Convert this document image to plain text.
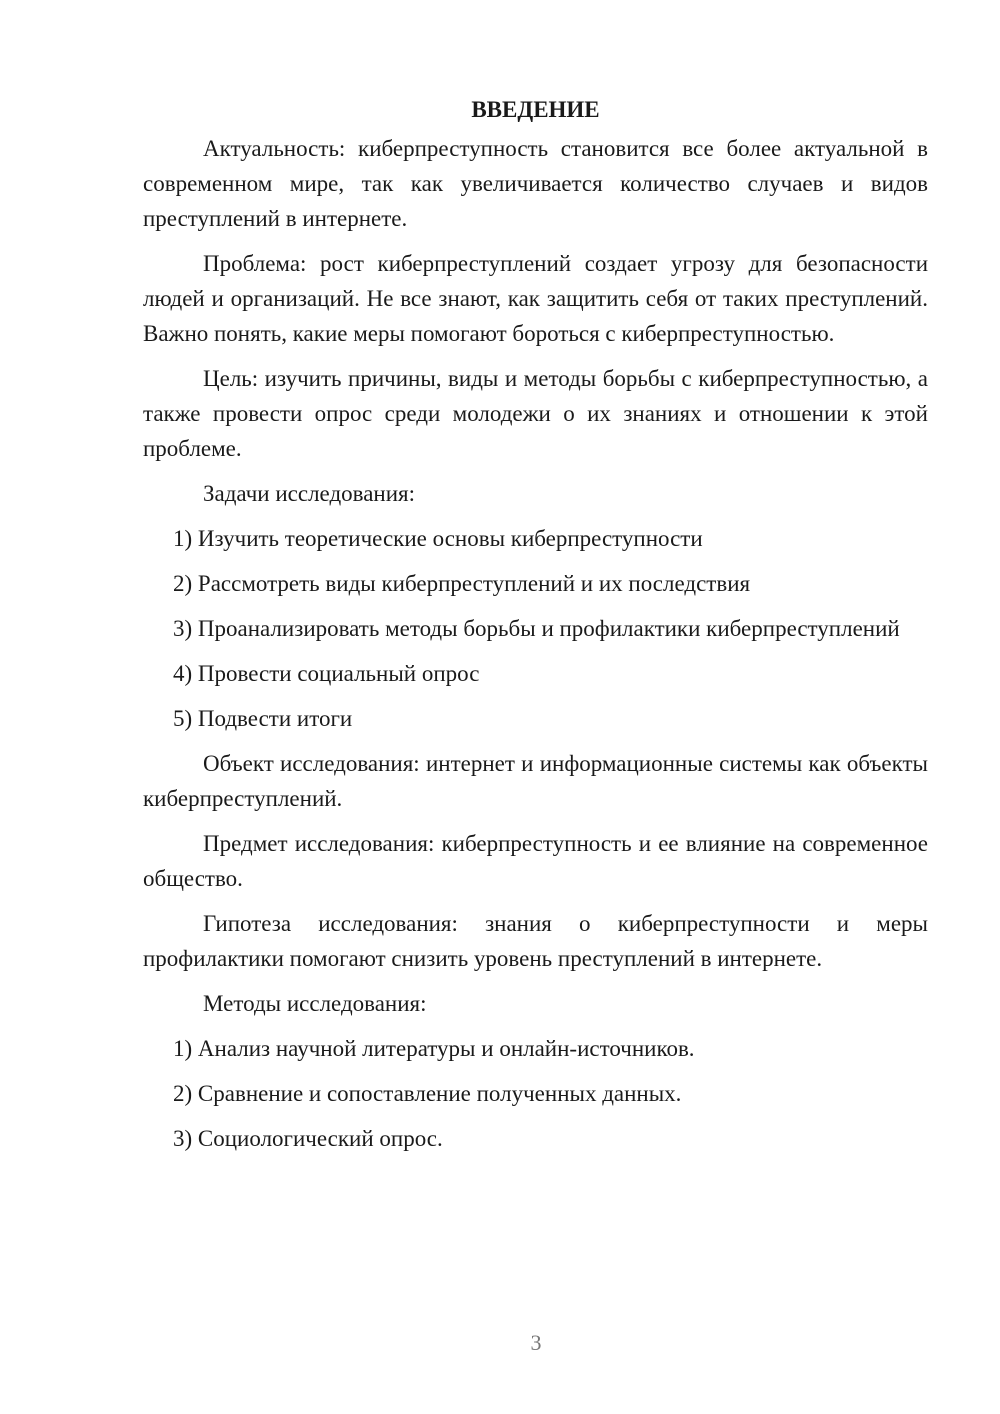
ВВЕДЕНИЕ

Актуальность: киберпреступность становится все более актуальной в современном мире, так как увеличивается количество случаев и видов преступлений в интернете.

Проблема: рост киберпреступлений создает угрозу для безопасности людей и организаций. Не все знают, как защитить себя от таких преступлений. Важно понять, какие меры помогают бороться с киберпреступностью.

Цель: изучить причины, виды и методы борьбы с киберпреступностью, а также провести опрос среди молодежи о их знаниях и отношении к этой проблеме.

Задачи исследования:

1) Изучить теоретические основы киберпреступности

2) Рассмотреть виды киберпреступлений и их последствия

3) Проанализировать методы борьбы и профилактики киберпреступлений

4) Провести социальный опрос

5) Подвести итоги

Объект исследования: интернет и информационные системы как объекты киберпреступлений.

Предмет исследования: киберпреступность и ее влияние на современное общество.

Гипотеза исследования: знания о киберпреступности и меры профилактики помогают снизить уровень преступлений в интернете.

Методы исследования:

1) Анализ научной литературы и онлайн-источников.

2) Сравнение и сопоставление полученных данных.

3) Социологический опрос.

3
